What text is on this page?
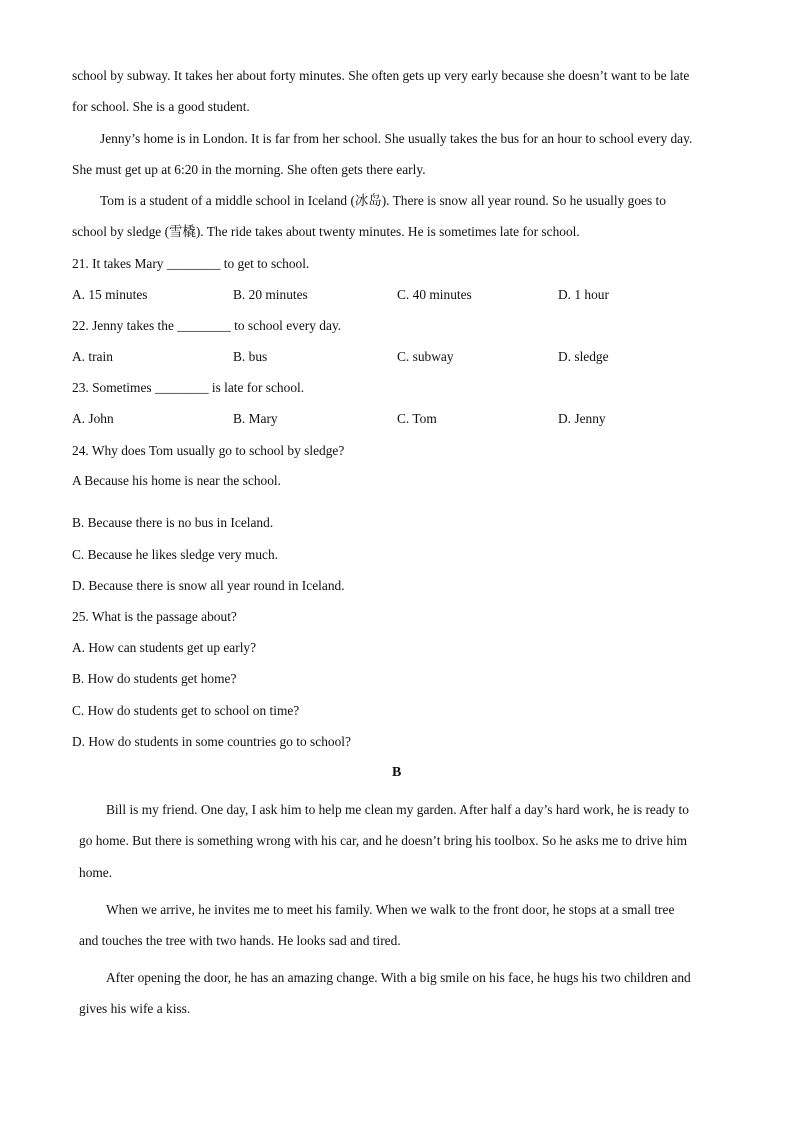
school by subway. It takes her about forty minutes. She often gets up very early because she doesn’t want to be late
for school. She is a good student.
Jenny’s home is in London. It is far from her school. She usually takes the bus for an hour to school every day.
She must get up at 6:20 in the morning. She often gets there early.
Tom is a student of a middle school in Iceland (冰岛). There is snow all year round. So he usually goes to
school by sledge (雪橇). The ride takes about twenty minutes. He is sometimes late for school.
21. It takes Mary ________ to get to school.
A. 15 minutes	B. 20 minutes	C. 40 minutes	D. 1 hour
22. Jenny takes the ________ to school every day.
A. train	B. bus	C. subway	D. sledge
23. Sometimes ________ is late for school.
A. John	B. Mary	C. Tom	D. Jenny
24. Why does Tom usually go to school by sledge?
A Because his home is near the school.
B. Because there is no bus in Iceland.
C. Because he likes sledge very much.
D. Because there is snow all year round in Iceland.
25. What is the passage about?
A. How can students get up early?
B. How do students get home?
C. How do students get to school on time?
D. How do students in some countries go to school?
B
Bill is my friend. One day, I ask him to help me clean my garden. After half a day’s hard work, he is ready to
go home. But there is something wrong with his car, and he doesn’t bring his toolbox. So he asks me to drive him
home.
When we arrive, he invites me to meet his family. When we walk to the front door, he stops at a small tree
and touches the tree with two hands. He looks sad and tired.
After opening the door, he has an amazing change. With a big smile on his face, he hugs his two children and
gives his wife a kiss.
